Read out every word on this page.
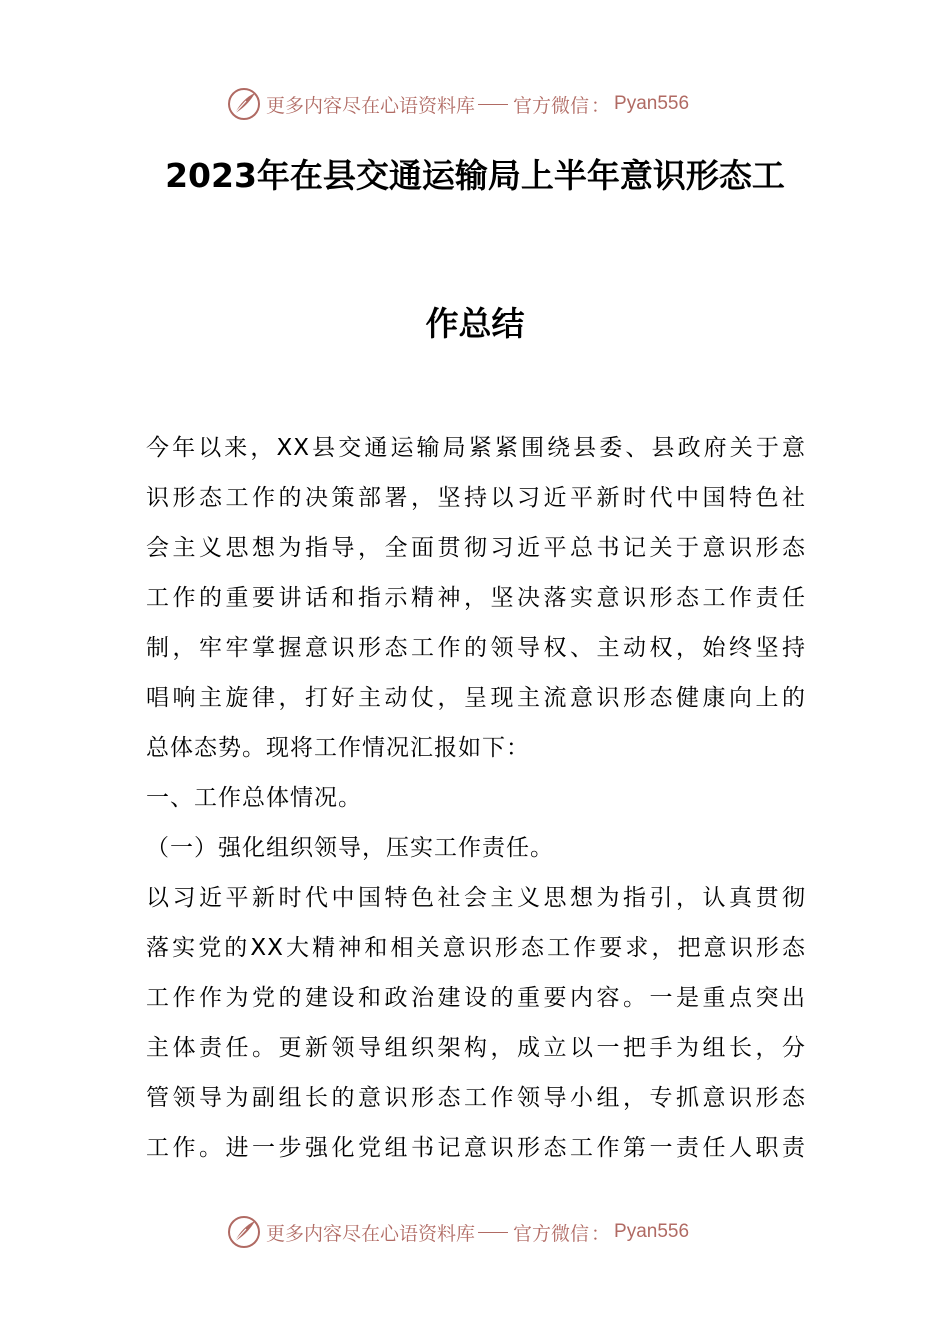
更多内容尽在心语资料库 官方微信 ： Pyan556
2023年在县交通运输局上半年意识形态工
作总结
今年以来，XX县交通运输局紧紧围绕县委、县政府关于意
识形态工作的决策部署，坚持以习近平新时代中国特色社
会主义思想为指导，全面贯彻习近平总书记关于意识形态
工作的重要讲话和指示精神，坚决落实意识形态工作责任
制，牢牢掌握意识形态工作的领导权、主动权，始终坚持
唱响主旋律，打好主动仗，呈现主流意识形态健康向上的
总体态势。现将工作情况汇报如下：
一、工作总体情况。
（一）强化组织领导，压实工作责任。
以习近平新时代中国特色社会主义思想为指引，认真贯彻
落实党的XX大精神和相关意识形态工作要求，把意识形态
工作作为党的建设和政治建设的重要内容。一是重点突出
主体责任。更新领导组织架构，成立以一把手为组长，分
管领导为副组长的意识形态工作领导小组，专抓意识形态
工作。进一步强化党组书记意识形态工作第一责任人职责
更多内容尽在心语资料库 官方微信 ： Pyan556
